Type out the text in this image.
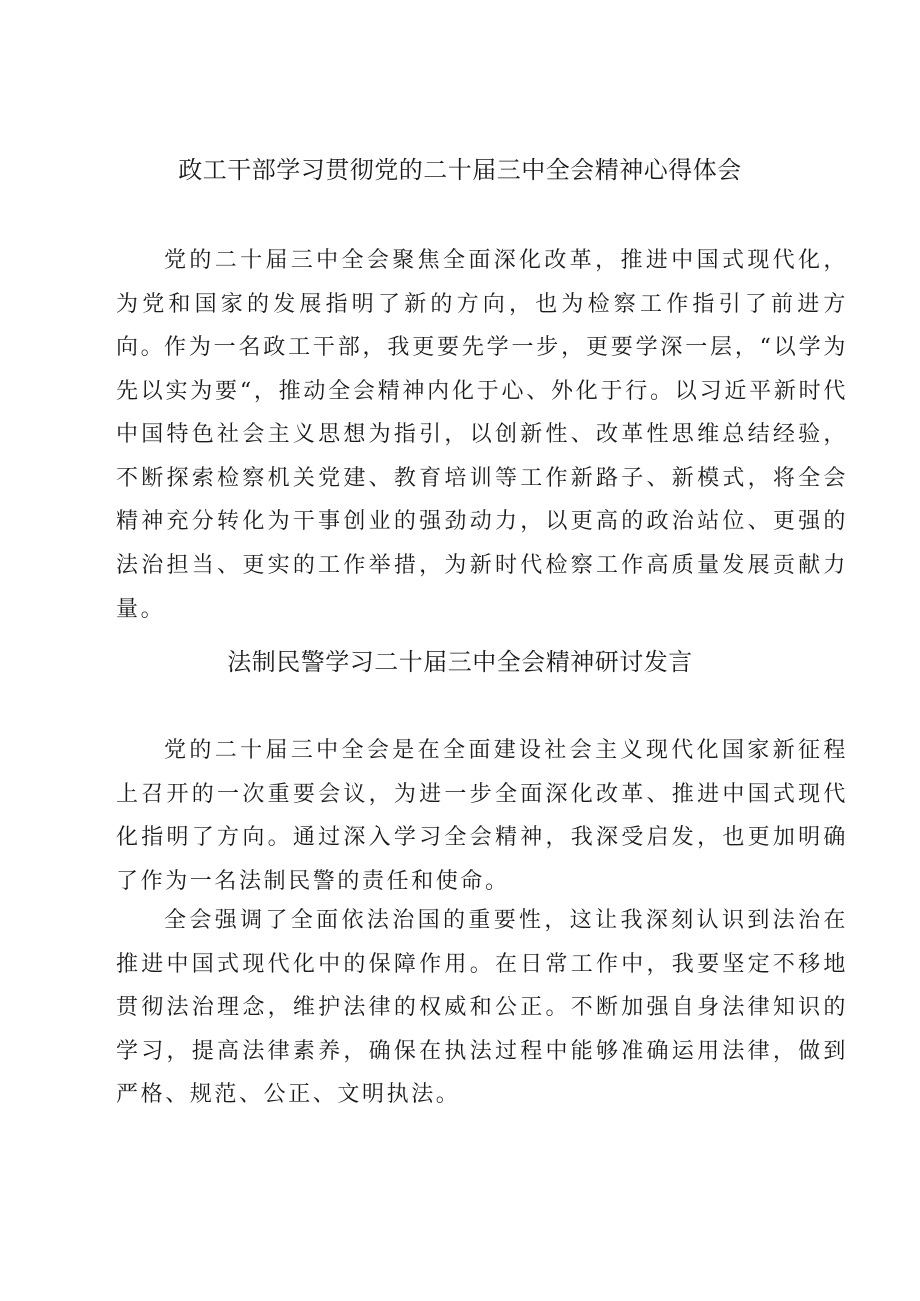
政工干部学习贯彻党的二十届三中全会精神心得体会

党的二十届三中全会聚焦全面深化改革，推进中国式现代化，为党和国家的发展指明了新的方向，也为检察工作指引了前进方向。

作为一名政工干部，我更要先学一步，更要学深一层，“以学为先以实为要“，推动全会精神内化于心、外化于行。以习近平新时代中国特色社会主义思想为指引，以创新性、改革性思维总结经验，不断探索检察机关党建、教育培训等工作新路子、新模式，将全会精神充分转化为干事创业的强劲动力，以更高的政治站位、更强的法治担当、更实的工作举措，为新时代检察工作高质量发展贡献力量。

法制民警学习二十届三中全会精神研讨发言

党的二十届三中全会是在全面建设社会主义现代化国家新征程上召开的一次重要会议，为进一步全面深化改革、推进中国式现代化指明了方向。通过深入学习全会精神，我深受启发，也更加明确了作为一名法制民警的责任和使命。

全会强调了全面依法治国的重要性，这让我深刻认识到法治在推进中国式现代化中的保障作用。在日常工作中，我要坚定不移地贯彻法治理念，维护法律的权威和公正。不断加强自身法律知识的学习，提高法律素养，确保在执法过程中能够准确运用法律，做到严格、规范、公正、文明执法。
